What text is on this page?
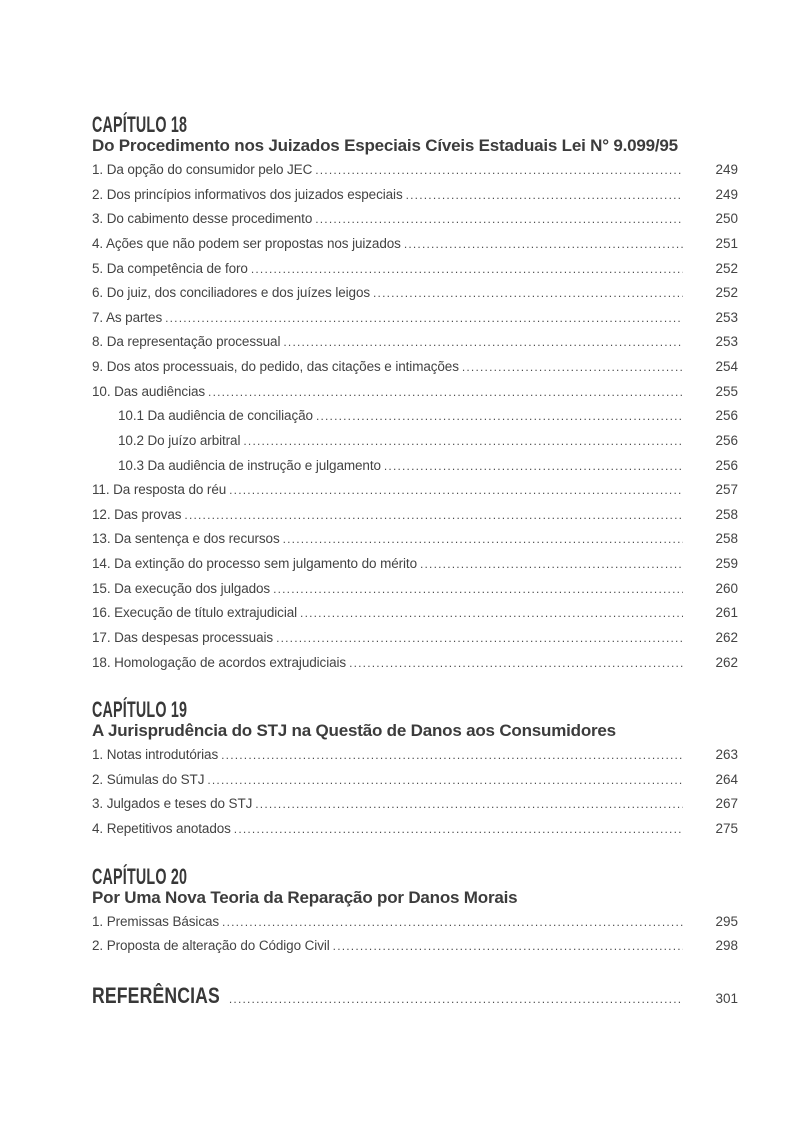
CAPÍTULO 18
Do Procedimento nos Juizados Especiais Cíveis Estaduais Lei N° 9.099/95
1. Da opção do consumidor pelo JEC .....	249
2. Dos princípios informativos dos juizados especiais .....	249
3. Do cabimento desse procedimento .....	250
4. Ações que não podem ser propostas nos juizados .....	251
5. Da competência de foro .....	252
6. Do juiz, dos conciliadores e dos juízes leigos .....	252
7. As partes .....	253
8. Da representação processual .....	253
9. Dos atos processuais, do pedido, das citações e intimações .....	254
10. Das audiências .....	255
10.1 Da audiência de conciliação .....	256
10.2 Do juízo arbitral .....	256
10.3 Da audiência de instrução e julgamento .....	256
11. Da resposta do réu .....	257
12. Das provas .....	258
13. Da sentença e dos recursos .....	258
14. Da extinção do processo sem julgamento do mérito .....	259
15. Da execução dos julgados .....	260
16. Execução de título extrajudicial .....	261
17. Das despesas processuais .....	262
18. Homologação de acordos extrajudiciais .....	262
CAPÍTULO 19
A Jurisprudência do STJ na Questão de Danos aos Consumidores
1. Notas introdutórias .....	263
2. Súmulas do STJ .....	264
3. Julgados e teses do STJ .....	267
4. Repetitivos anotados .....	275
CAPÍTULO 20
Por Uma Nova Teoria da Reparação por Danos Morais
1. Premissas Básicas .....	295
2. Proposta de alteração do Código Civil .....	298
REFERÊNCIAS .....	301
